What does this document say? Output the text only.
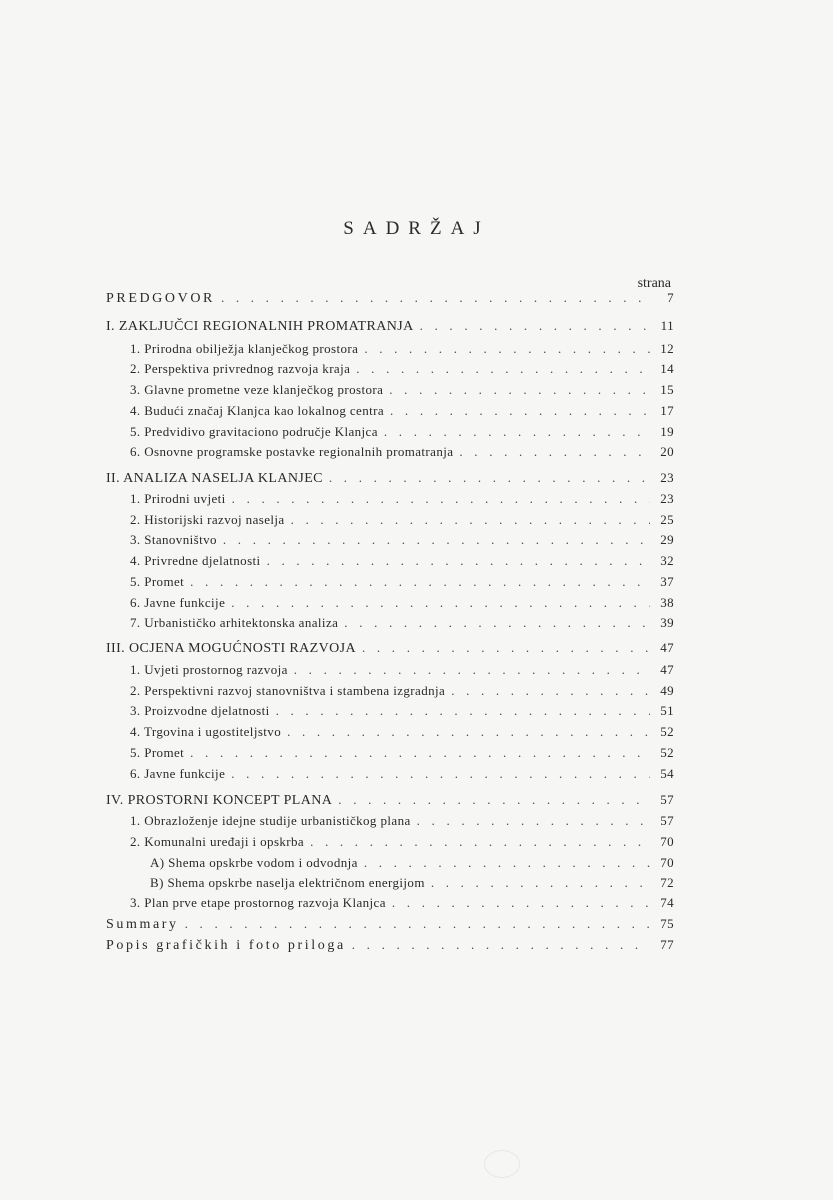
SADRŽAJ
strana
PREDGOVOR . . .	7
I. ZAKLJUČCI REGIONALNIH PROMATRANJA . . .	11
1. Prirodna obilježja klanječkog prostora . . .	12
2. Perspektiva privrednog razvoja kraja . . .	14
3. Glavne prometne veze klanječkog prostora . . .	15
4. Budući značaj Klanjca kao lokalnog centra . . .	17
5. Predvidivo gravitaciono područje Klanjca . . .	19
6. Osnovne programske postavke regionalnih promatranja . . .	20
II. ANALIZA NASELJA KLANJEC . . .	23
1. Prirodni uvjeti . . .	23
2. Historijski razvoj naselja . . .	25
3. Stanovništvo . . .	29
4. Privredne djelatnosti . . .	32
5. Promet . . .	37
6. Javne funkcije . . .	38
7. Urbanističko arhitektonska analiza . . .	39
III. OCJENA MOGUĆNOSTI RAZVOJA . . .	47
1. Uvjeti prostornog razvoja . . .	47
2. Perspektivni razvoj stanovništva i stambena izgradnja . . .	49
3. Proizvodne djelatnosti . . .	51
4. Trgovina i ugostiteljstvo . . .	52
5. Promet . . .	52
6. Javne funkcije . . .	54
IV. PROSTORNI KONCEPT PLANA . . .	57
1. Obrazloženje idejne studije urbanističkog plana . . .	57
2. Komunalni uređaji i opskrba . . .	70
A) Shema opskrbe vodom i odvodnja . . .	70
B) Shema opskrbe naselja električnom energijom . . .	72
3. Plan prve etape prostornog razvoja Klanjca . . .	74
Summary . . .	75
Popis grafičkih i foto priloga . . .	77
